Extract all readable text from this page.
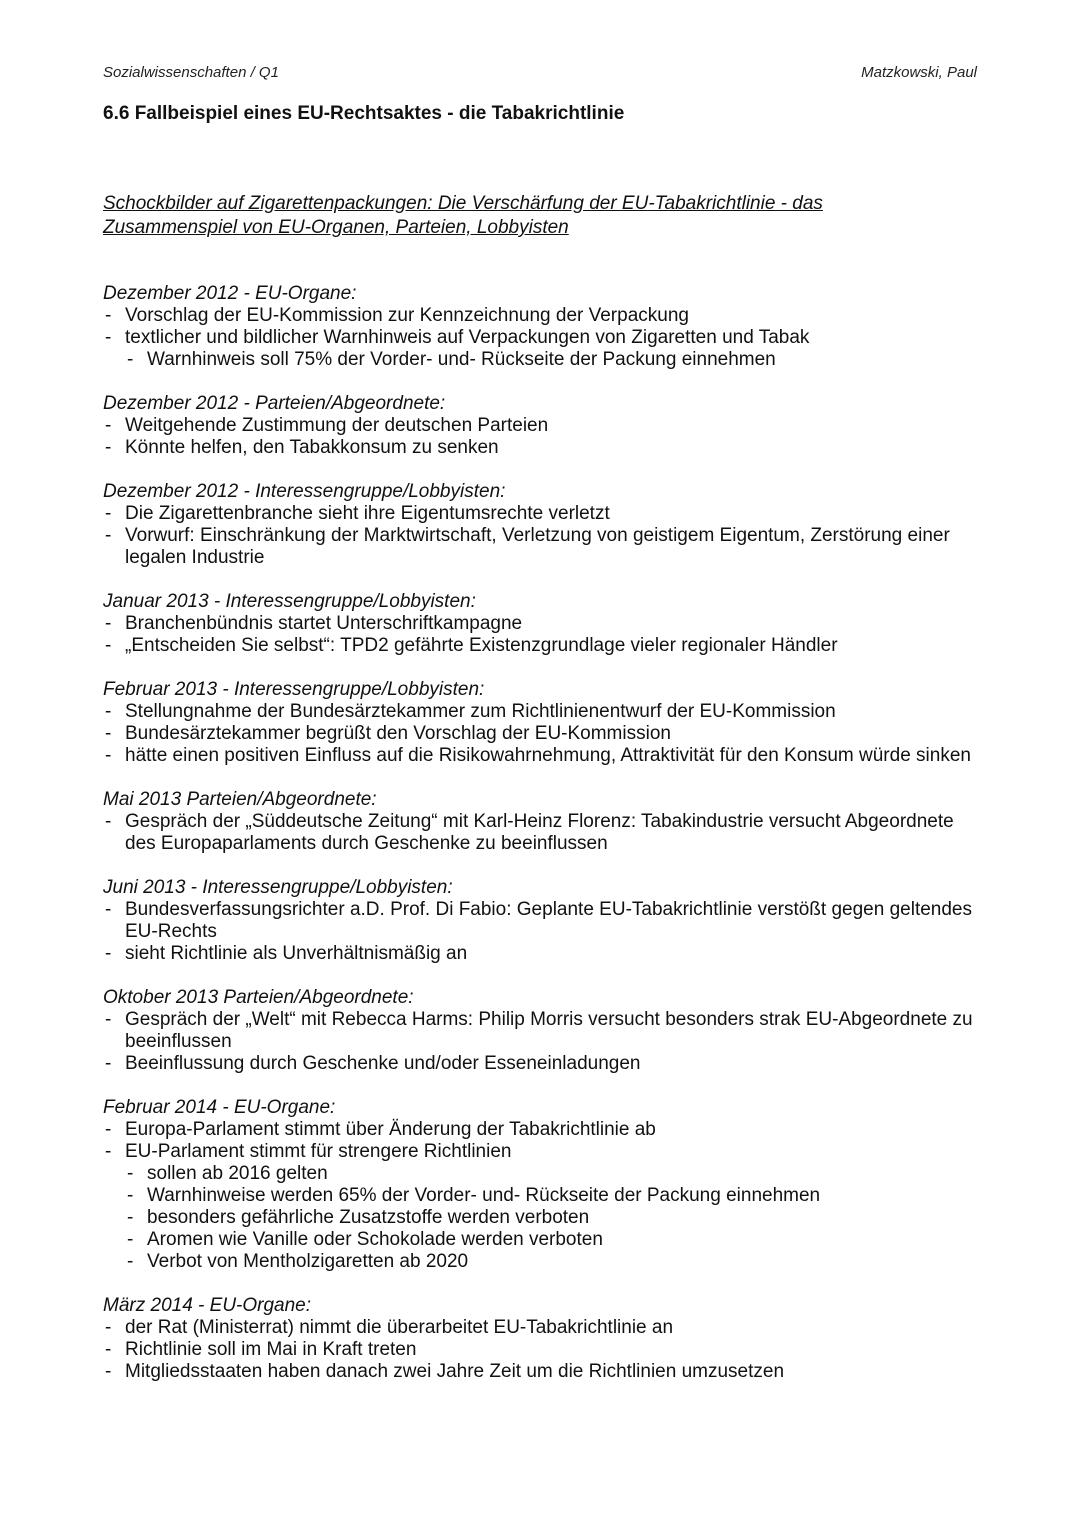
Sozialwissenschaften / Q1	Matzkowski, Paul
6.6 Fallbeispiel eines EU-Rechtsaktes - die Tabakrichtlinie
Schockbilder auf Zigarettenpackungen: Die Verschärfung der EU-Tabakrichtlinie - das Zusammenspiel von EU-Organen, Parteien, Lobbyisten
Dezember 2012 - EU-Organe:
- Vorschlag der EU-Kommission zur Kennzeichnung der Verpackung
- textlicher und bildlicher Warnhinweis auf Verpackungen von Zigaretten und Tabak
- Warnhinweis soll 75% der Vorder- und- Rückseite der Packung einnehmen
Dezember 2012 - Parteien/Abgeordnete:
- Weitgehende Zustimmung der deutschen Parteien
- Könnte helfen, den Tabakkonsum zu senken
Dezember 2012 - Interessengruppe/Lobbyisten:
- Die Zigarettenbranche sieht ihre Eigentumsrechte verletzt
- Vorwurf: Einschränkung der Marktwirtschaft, Verletzung von geistigem Eigentum, Zerstörung einer legalen Industrie
Januar 2013 - Interessengruppe/Lobbyisten:
- Branchenbündnis startet Unterschriftkampagne
- „Entscheiden Sie selbst“: TPD2 gefährte Existenzgrundlage vieler regionaler Händler
Februar 2013 - Interessengruppe/Lobbyisten:
- Stellungnahme der Bundesärztekammer zum Richtlinienentwurf der EU-Kommission
- Bundesärztekammer begrüßt den Vorschlag der EU-Kommission
- hätte einen positiven Einfluss auf die Risikowahrnehmung, Attraktivität für den Konsum würde sinken
Mai 2013 Parteien/Abgeordnete:
- Gespräch der „Süddeutsche Zeitung“ mit Karl-Heinz Florenz: Tabakindustrie versucht Abgeordnete des Europaparlaments durch Geschenke zu beeinflussen
Juni 2013 - Interessengruppe/Lobbyisten:
- Bundesverfassungsrichter a.D. Prof. Di Fabio: Geplante EU-Tabakrichtlinie verstößt gegen geltendes EU-Rechts
- sieht Richtlinie als Unverhältnismäßig an
Oktober 2013 Parteien/Abgeordnete:
- Gespräch der „Welt“ mit Rebecca Harms: Philip Morris versucht besonders strak EU-Abgeordnete zu beeinflussen
- Beeinflussung durch Geschenke und/oder Esseneinladungen
Februar 2014 - EU-Organe:
- Europa-Parlament stimmt über Änderung der Tabakrichtlinie ab
- EU-Parlament stimmt für strengere Richtlinien
- sollen ab 2016 gelten
- Warnhinweise werden 65% der Vorder- und- Rückseite der Packung einnehmen
- besonders gefährliche Zusatzstoffe werden verboten
- Aromen wie Vanille oder Schokolade werden verboten
- Verbot von Mentholzigaretten ab 2020
März 2014 - EU-Organe:
- der Rat (Ministerrat) nimmt die überarbeitet EU-Tabakrichtlinie an
- Richtlinie soll im Mai in Kraft treten
- Mitgliedsstaaten haben danach zwei Jahre Zeit um die Richtlinien umzusetzen
